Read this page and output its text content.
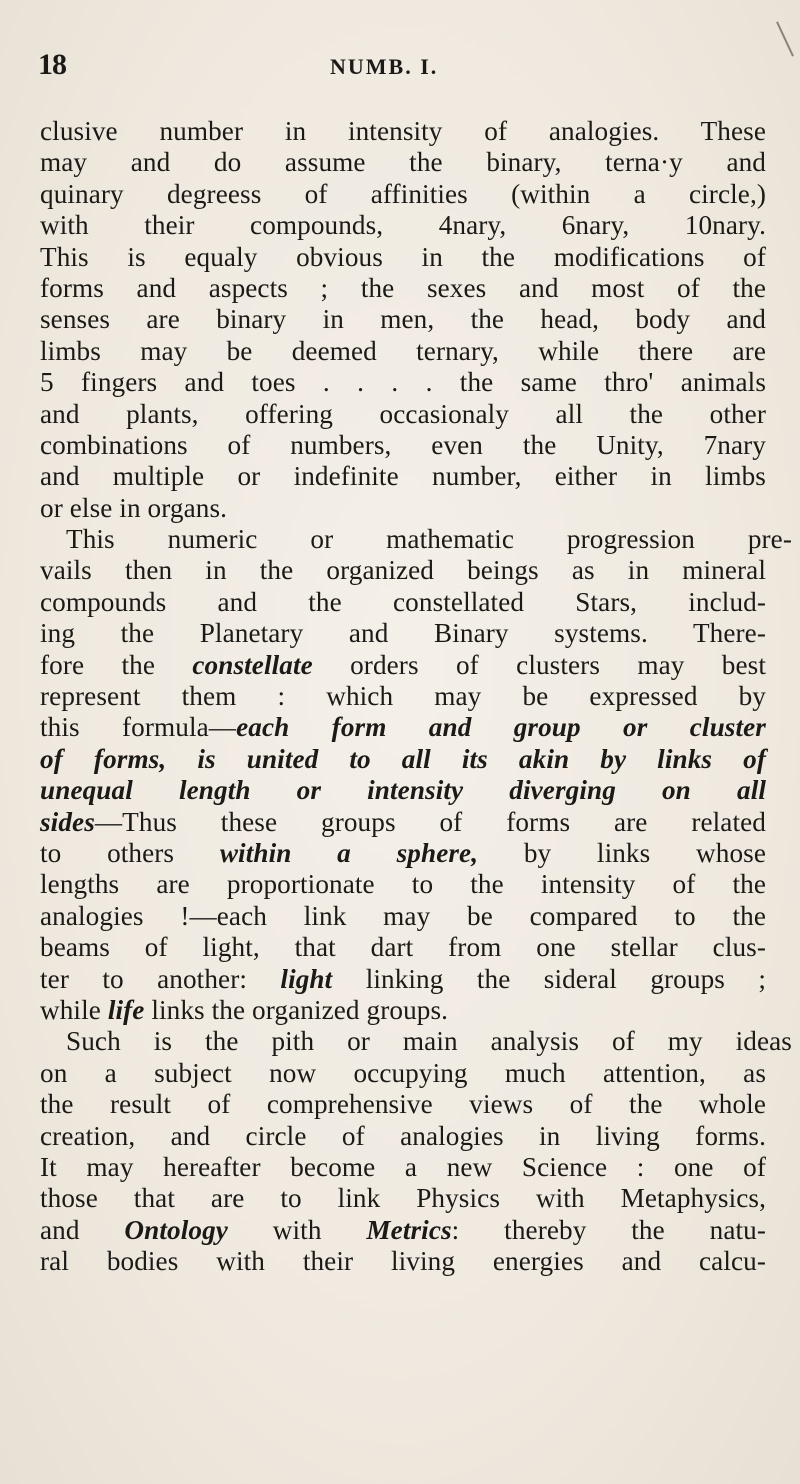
18	NUMB. I.
clusive number in intensity of analogies. These
may and do assume the binary, terna·y and
quinary degreess of affinities (within a circle,)
with their compounds, 4nary, 6nary, 10nary.
This is equaly obvious in the modifications of
forms and aspects ; the sexes and most of the
senses are binary in men, the head, body and
limbs may be deemed ternary, while there are
5 fingers and toes . . . . the same thro' animals
and plants, offering occasionaly all the other
combinations of numbers, even the Unity, 7nary
and multiple or indefinite number, either in limbs
or else in organs.
This numeric or mathematic progression pre-
vails then in the organized beings as in mineral
compounds and the constellated Stars, includ-
ing the Planetary and Binary systems. There-
fore the constellate orders of clusters may best
represent them : which may be expressed by
this formula—each form and group or cluster
of forms, is united to all its akin by links of
unequal length or intensity diverging on all
sides—Thus these groups of forms are related
to others within a sphere, by links whose
lengths are proportionate to the intensity of the
analogies !—each link may be compared to the
beams of light, that dart from one stellar clus-
ter to another: light linking the sideral groups ;
while life links the organized groups.
Such is the pith or main analysis of my ideas
on a subject now occupying much attention, as
the result of comprehensive views of the whole
creation, and circle of analogies in living forms.
It may hereafter become a new Science : one of
those that are to link Physics with Metaphysics,
and Ontology with Metrics: thereby the natu-
ral bodies with their living energies and calcu-
